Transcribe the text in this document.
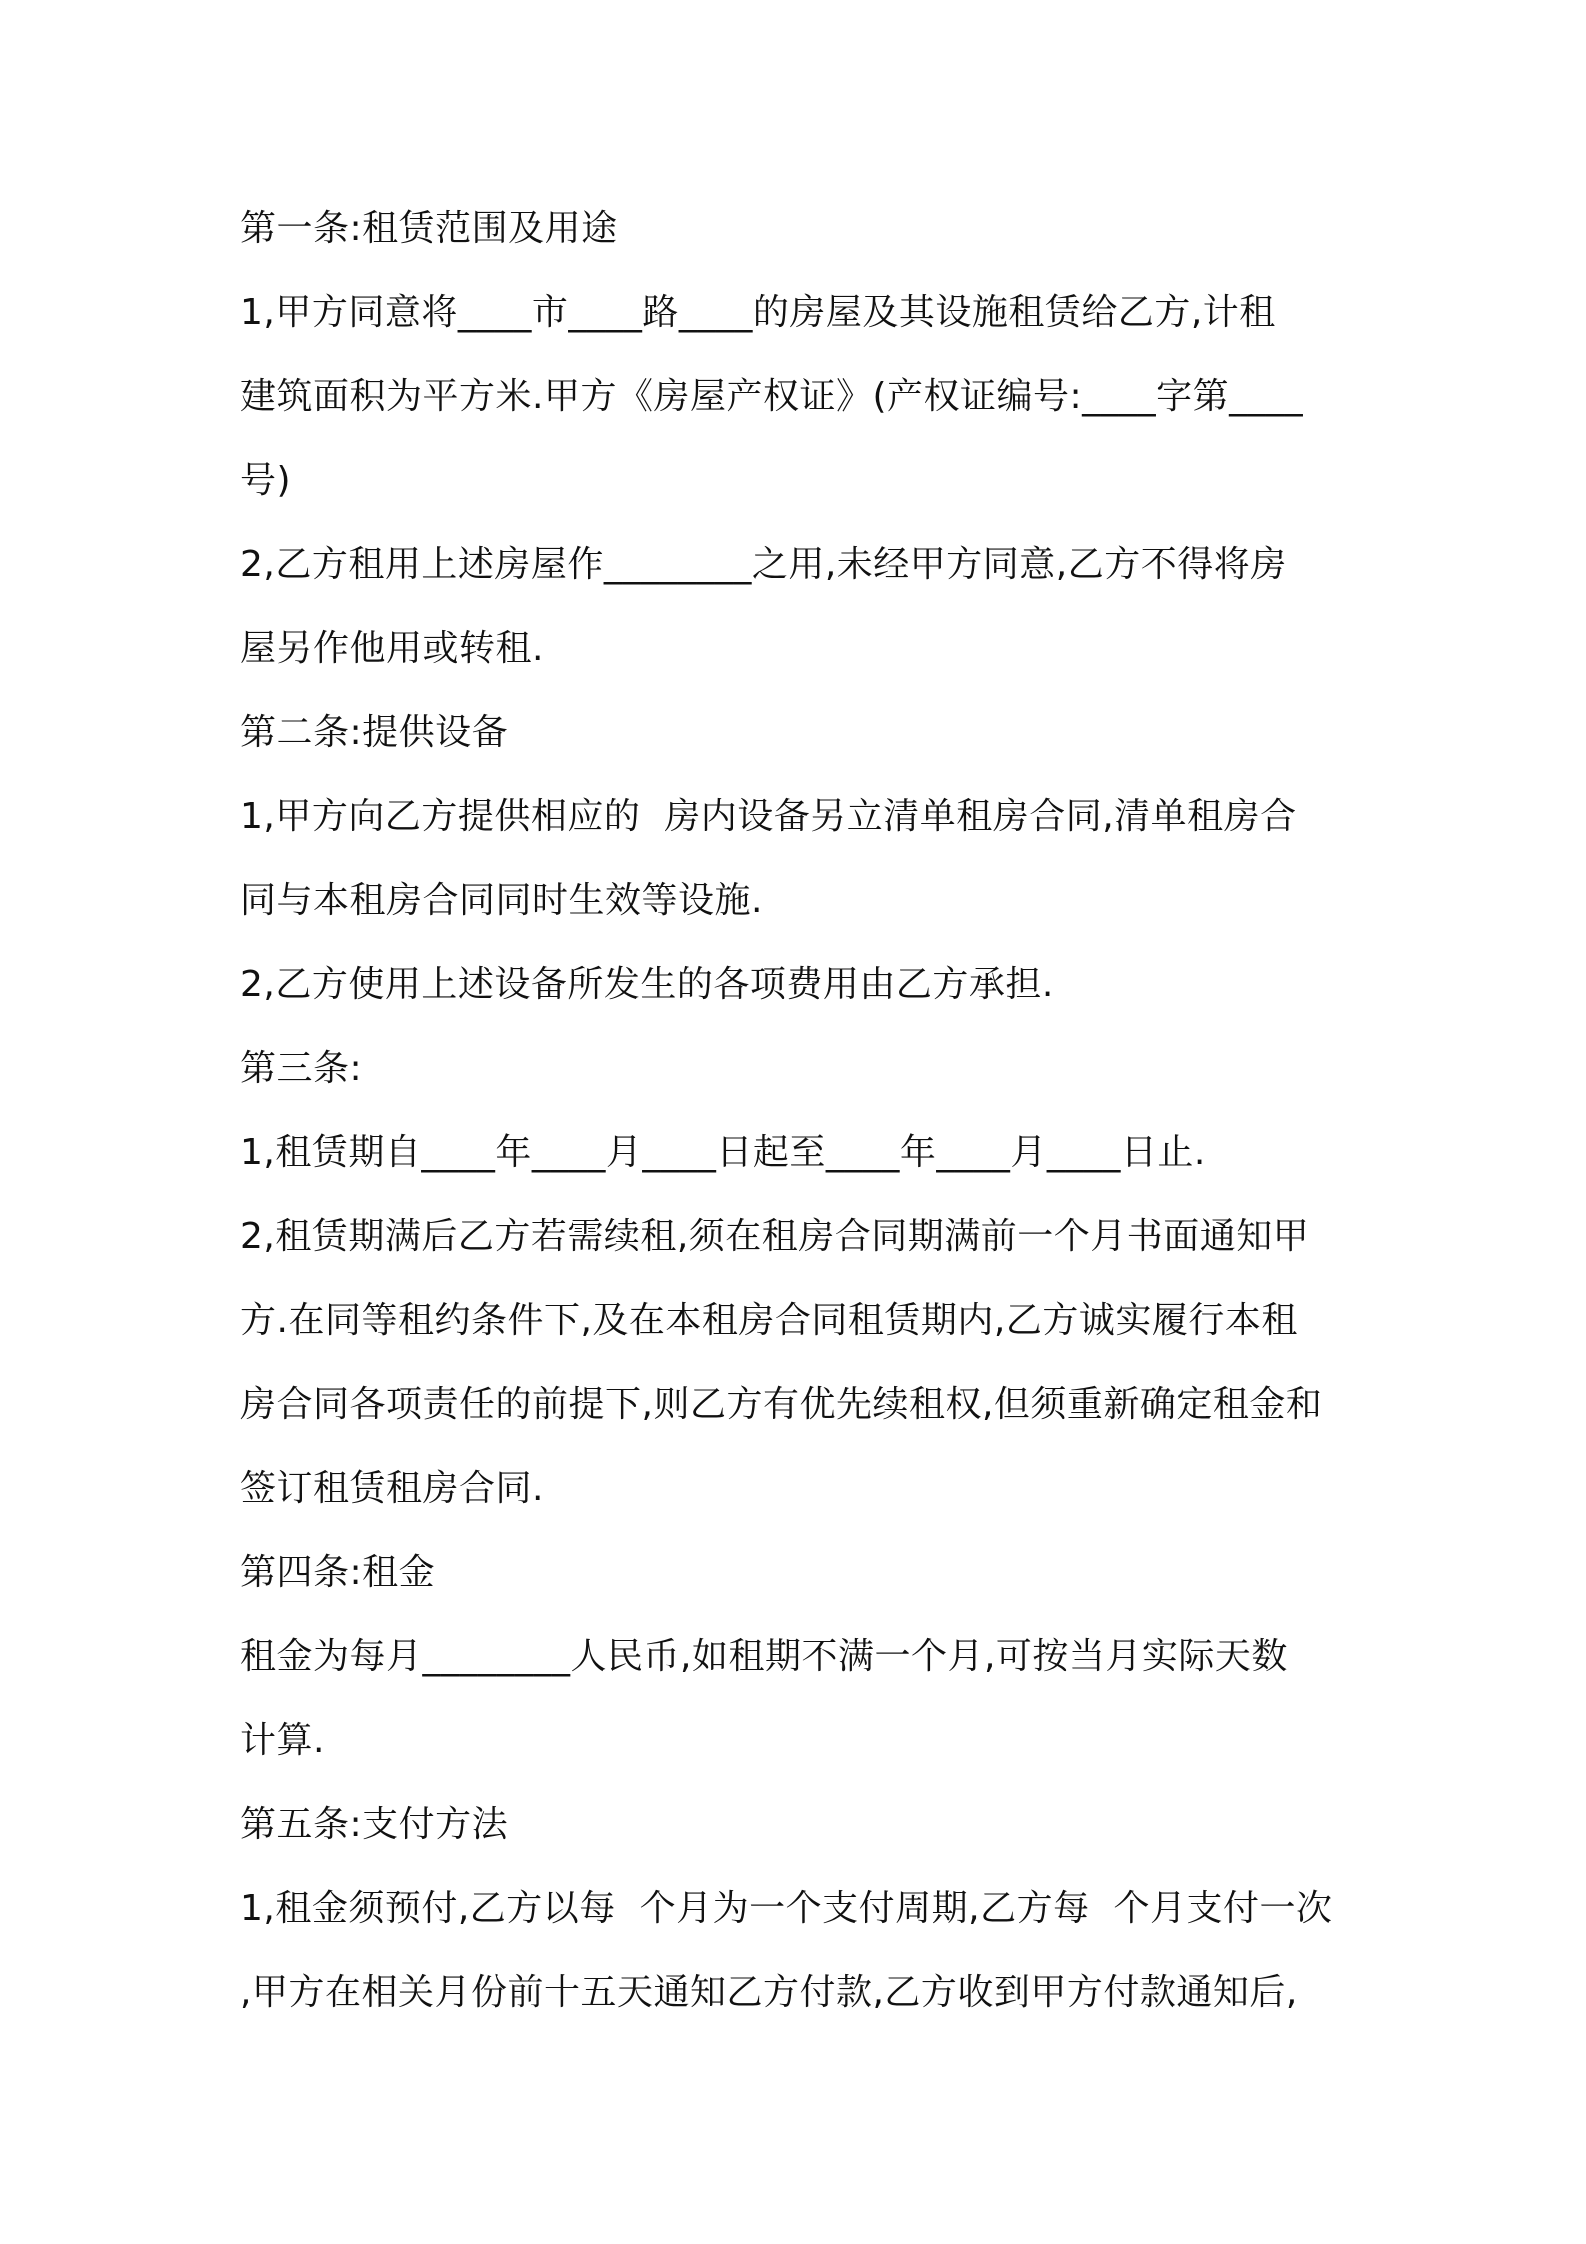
第一条:租赁范围及用途
1,甲方同意将____市____路____的房屋及其设施租赁给乙方,计租
建筑面积为平方米.甲方《房屋产权证》(产权证编号:____字第____
号)
2,乙方租用上述房屋作________之用,未经甲方同意,乙方不得将房
屋另作他用或转租.
第二条:提供设备
1,甲方向乙方提供相应的  房内设备另立清单租房合同,清单租房合
同与本租房合同同时生效等设施.
2,乙方使用上述设备所发生的各项费用由乙方承担.
第三条:
1,租赁期自____年____月____日起至____年____月____日止.
2,租赁期满后乙方若需续租,须在租房合同期满前一个月书面通知甲
方.在同等租约条件下,及在本租房合同租赁期内,乙方诚实履行本租
房合同各项责任的前提下,则乙方有优先续租权,但须重新确定租金和
签订租赁租房合同.
第四条:租金
租金为每月________人民币,如租期不满一个月,可按当月实际天数
计算.
第五条:支付方法
1,租金须预付,乙方以每  个月为一个支付周期,乙方每  个月支付一次
,甲方在相关月份前十五天通知乙方付款,乙方收到甲方付款通知后,
